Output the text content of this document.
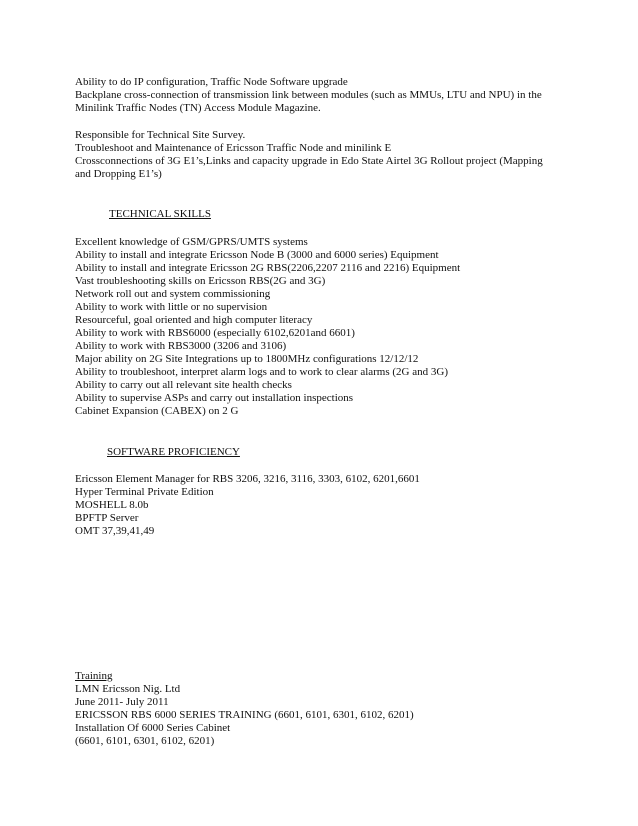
Ability to do IP configuration, Traffic Node Software upgrade
Backplane cross-connection of transmission link between modules (such as MMUs, LTU and NPU) in the
Minilink Traffic Nodes (TN) Access Module Magazine.
Responsible for Technical Site Survey.
Troubleshoot and Maintenance of Ericsson Traffic Node and minilink E
Crossconnections of 3G E1’s,Links and capacity upgrade in Edo State Airtel 3G Rollout project (Mapping
and Dropping E1’s)
TECHNICAL SKILLS
Excellent knowledge of GSM/GPRS/UMTS systems
Ability to install and integrate Ericsson Node B (3000 and 6000 series) Equipment
Ability to install and integrate Ericsson 2G RBS(2206,2207 2116 and 2216) Equipment
Vast troubleshooting skills on Ericsson RBS(2G and 3G)
Network roll out and system commissioning
Ability to work with little or no supervision
Resourceful, goal oriented and high computer literacy
Ability to work with RBS6000 (especially 6102,6201and 6601)
Ability to work with RBS3000 (3206 and 3106)
Major ability on 2G Site Integrations up to 1800MHz configurations 12/12/12
Ability to troubleshoot, interpret alarm logs and to work to clear alarms (2G and 3G)
Ability to carry out all relevant site health checks
Ability to supervise ASPs and carry out installation inspections
Cabinet Expansion (CABEX) on 2 G
SOFTWARE PROFICIENCY
Ericsson Element Manager for RBS 3206, 3216, 3116, 3303, 6102, 6201,6601
Hyper Terminal Private Edition
MOSHELL 8.0b
BPFTP Server
OMT 37,39,41,49
Training
LMN Ericsson Nig. Ltd
June 2011- July 2011
ERICSSON RBS 6000 SERIES TRAINING (6601, 6101, 6301, 6102, 6201)
Installation Of 6000 Series Cabinet
(6601, 6101, 6301, 6102, 6201)
